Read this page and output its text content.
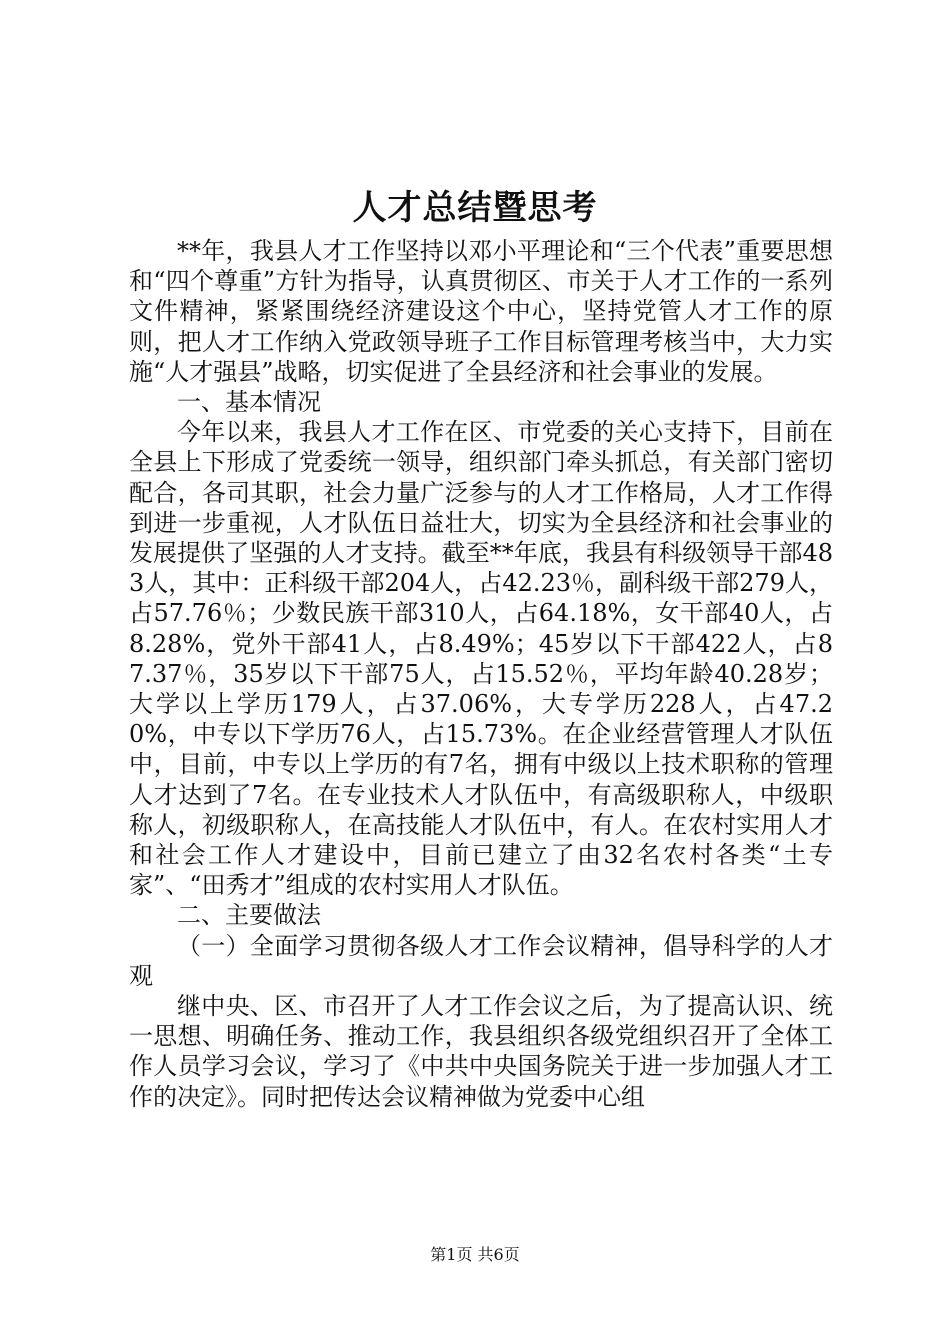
人才总结暨思考

**年，我县人才工作坚持以邓小平理论和“三个代表”重要思想和“四个尊重”方针为指导，认真贯彻区、市关于人才工作的一系列文件精神，紧紧围绕经济建设这个中心，坚持党管人才工作的原则，把人才工作纳入党政领导班子工作目标管理考核当中，大力实施“人才强县”战略，切实促进了全县经济和社会事业的发展。

一、基本情况

今年以来，我县人才工作在区、市党委的关心支持下，目前在全县上下形成了党委统一领导，组织部门牵头抓总，有关部门密切配合，各司其职，社会力量广泛参与的人才工作格局，人才工作得到进一步重视，人才队伍日益壮大，切实为全县经济和社会事业的发展提供了坚强的人才支持。截至**年底，我县有科级领导干部483人，其中：正科级干部204人，占42.23％，副科级干部279人，占57.76％；少数民族干部310人，占64.18%，女干部40人，占8.28%，党外干部41人，占8.49%；45岁以下干部422人，占87.37％，35岁以下干部75人，占15.52％，平均年龄40.28岁；大学以上学历179人，占37.06%，大专学历228人，占47.20%，中专以下学历76人，占15.73%。在企业经营管理人才队伍中，目前，中专以上学历的有7名，拥有中级以上技术职称的管理人才达到了7名。在专业技术人才队伍中，有高级职称人，中级职称人，初级职称人，在高技能人才队伍中，有人。在农村实用人才和社会工作人才建设中，目前已建立了由32名农村各类“土专家”、“田秀才”组成的农村实用人才队伍。

二、主要做法

（一）全面学习贯彻各级人才工作会议精神，倡导科学的人才观

继中央、区、市召开了人才工作会议之后，为了提高认识、统一思想、明确任务、推动工作，我县组织各级党组织召开了全体工作人员学习会议，学习了《中共中央国务院关于进一步加强人才工作的决定》。同时把传达会议精神做为党委中心组

第1页 共6页
